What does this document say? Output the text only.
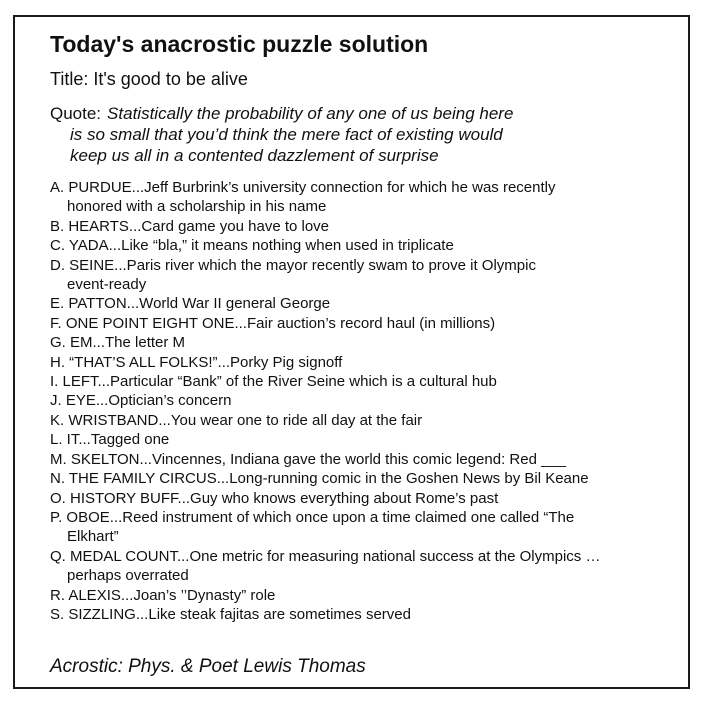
Today's anacrostic puzzle solution
Title: It's good to be alive
Quote: Statistically the probability of any one of us being here
is so small that you’d think the mere fact of existing would
keep us all in a contented dazzlement of surprise
A. PURDUE...Jeff Burbrink’s university connection for which he was recently
honored with a scholarship in his name
B. HEARTS...Card game you have to love
C. YADA...Like “bla,” it means nothing when used in triplicate
D. SEINE...Paris river which the mayor recently swam to prove it Olympic
event-ready
E. PATTON...World War II general George
F. ONE POINT EIGHT ONE...Fair auction’s record haul (in millions)
G. EM...The letter M
H. “THAT’S ALL FOLKS!”...Porky Pig signoff
I. LEFT...Particular “Bank” of the River Seine which is a cultural hub
J. EYE...Optician’s concern
K. WRISTBAND...You wear one to ride all day at the fair
L. IT...Tagged one
M. SKELTON...Vincennes, Indiana gave the world this comic legend: Red ___
N. THE FAMILY CIRCUS...Long-running comic in the Goshen News by Bil Keane
O. HISTORY BUFF...Guy who knows everything about Rome’s past
P. OBOE...Reed instrument of which once upon a time claimed one called “The
Elkhart”
Q. MEDAL COUNT...One metric for measuring national success at the Olympics …
perhaps overrated
R. ALEXIS...Joan’s ’’Dynasty” role
S. SIZZLING...Like steak fajitas are sometimes served
Acrostic: Phys. & Poet Lewis Thomas
